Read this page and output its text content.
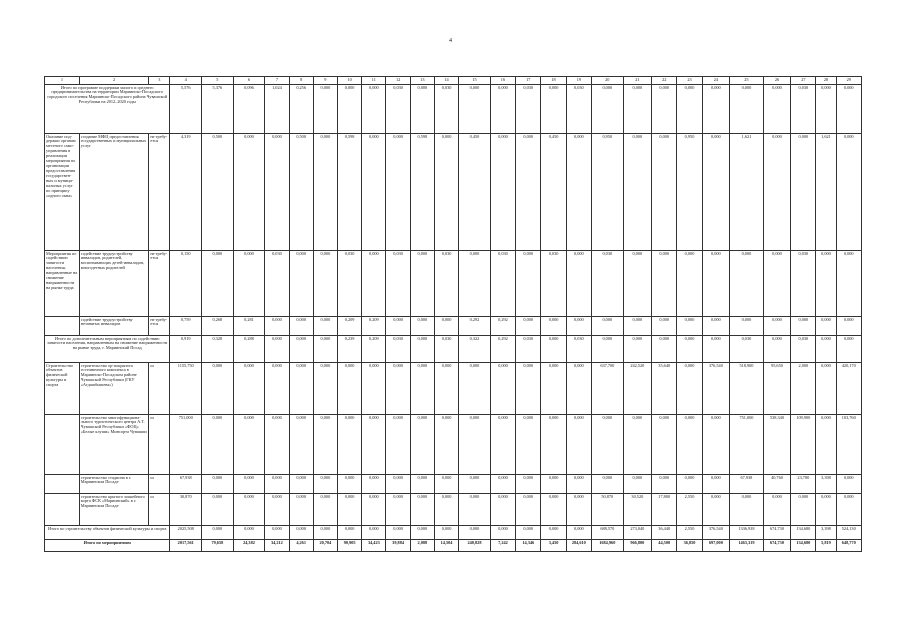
4
1	2	3	4	5	6	7	8	9	10	11	12	13	14	15	16	17	18	19	20	21	22	23	24	25	26	27	28	29
Итого по программе поддержки малого и среднего предпринимательства на территории Мариинско-Посадского городского поселения Мариинско-Посадского района Чувашской Республики на 2012–2020 годы			5,576	5,376	0,096	1,024	0,256	0,000	0,000	0,000	0,030	0,000	0,030	0,000	0,000	0,030	0,000	0,030	0,000	0,000	0,000	0,000	0,000	0,000	0,000	0,030	0,000	0,000
Оказание под-держки органам местного само-управления в реализации мероприятия по организации предоставления государствен-ных и муници-пальных услуг по принципу «одного окна»	создание МФЦ предоставления государственных и муниципальных услуг	не требу-ется	4,319	0,500	0,000	0,000	0,500	0,000	0,598	0,000	0,000	0,598	0,000	0,450	0,000	0,000	0,450	0,000	0,950	0,000	0,000	0,950	0,000	1,621	0,000	0,000	1,621	0,000
Мероприятия по содействию занятости населения, направленные на снижение напряженности на рынке труда	содействие трудоустройству инвалидов, родителей, воспитывающих детей-инвалидов, многодетных родителей	не требу-ется	0,150	0,000	0,000	0,030	0,000	0,000	0,030	0,000	0,030	0,000	0,030	0,000	0,030	0,000	0,030	0,000	0,030	0,000	0,000	0,000	0,000	0,000	0,000	0,030	0,000	0,000
	содействие трудоустройству незанятых инвалидов	не требу-ется	0,759	0,268	0,281	0,000	0,000	0,000	0,209	0,209	0,000	0,000	0,000	0,292	0,292	0,000	0,000	0,000	0,000	0,000	0,000	0,000	0,000	0,000	0,000	0,000	0,000	0,000
Итого по дополнительным мероприятиям по содействию занятости населения, направленным на снижение напряженности на рынке труда, г. Мариинский Посад			0,919	0,328	0,288	0,000	0,000	0,000	0,239	0,209	0,030	0,000	0,030	0,322	0,292	0,030	0,000	0,030	0,000	0,000	0,000	0,000	0,000	0,030	0,000	0,030	0,000	0,000
Строительство объектов физической культуры и спорта	строительство ор-покрытого гостиничного комплекса в Мариинско-Посадском районе Чувашской Республики (ГКУ «Агдашбышева»)	ш	1155,750	0,000	0,000	0,000	0,000	0,000	0,000	0,000	0,000	0,000	0,000	0,000	0,000	0,000	0,000	0,000	637,700	242,520	35,640	0,000	376,540	518,900	95,650	2,000	0,000	420,170
	строительство многофункциона-льного туристического центра А.Т. Чувашской Республики «ФОЦ» «Белые клуши» Минсорта Чувашии	ш	751,000	0,000	0,000	0,000	0,000	0,000	0,000	0,000	0,000	0,000	0,000	0,000	0,000	0,000	0,000	0,000	0,000	0,000	0,000	0,000	0,000	751,000	538,340	109,900	0,000	103,760
	строительство стадиона в г. Мариинском Посаде	ш	67,938	0,000	0,000	0,000	0,000	0,000	0,000	0,000	0,000	0,000	0,000	0,000	0,000	0,000	0,000	0,000	0,000	0,000	0,000	0,000	0,000	67,938	40,760	23,780	3,398	0,000
	строительство крытого хоккейного корта ФСК «Мариинский» в г. Мариинском Посаде	ш	30,870	0,000	0,000	0,000	0,000	0,000	0,000	0,000	0,000	0,000	0,000	0,000	0,000	0,000	0,000	0,000	50,870	30,520	17,800	2,550	0,000	0,000	0,000	0,000	0,000	0,000
Итого по строительству объектов физической культуры и спорта			2025,508	0,000	0,000	0,000	0,000	0,000	0,000	0,000	0,000	0,000	0,000	0,000	0,000	0,000	0,000	0,000	688,570	273,040	36,440	2,550	376,540	1336,938	674,730	134,680	3,398	524,130
Итого по мероприятиям			2017,561	79,658	24,382	34,212	4,261	20,704	90,905	34,423	39,884	2,088	14,504	240,828	7,242	14,346	3,450	284,610	1684,960	966,800	44,500	36,850	697,000	1463,319	674,730	134,680	5,819	648,770
